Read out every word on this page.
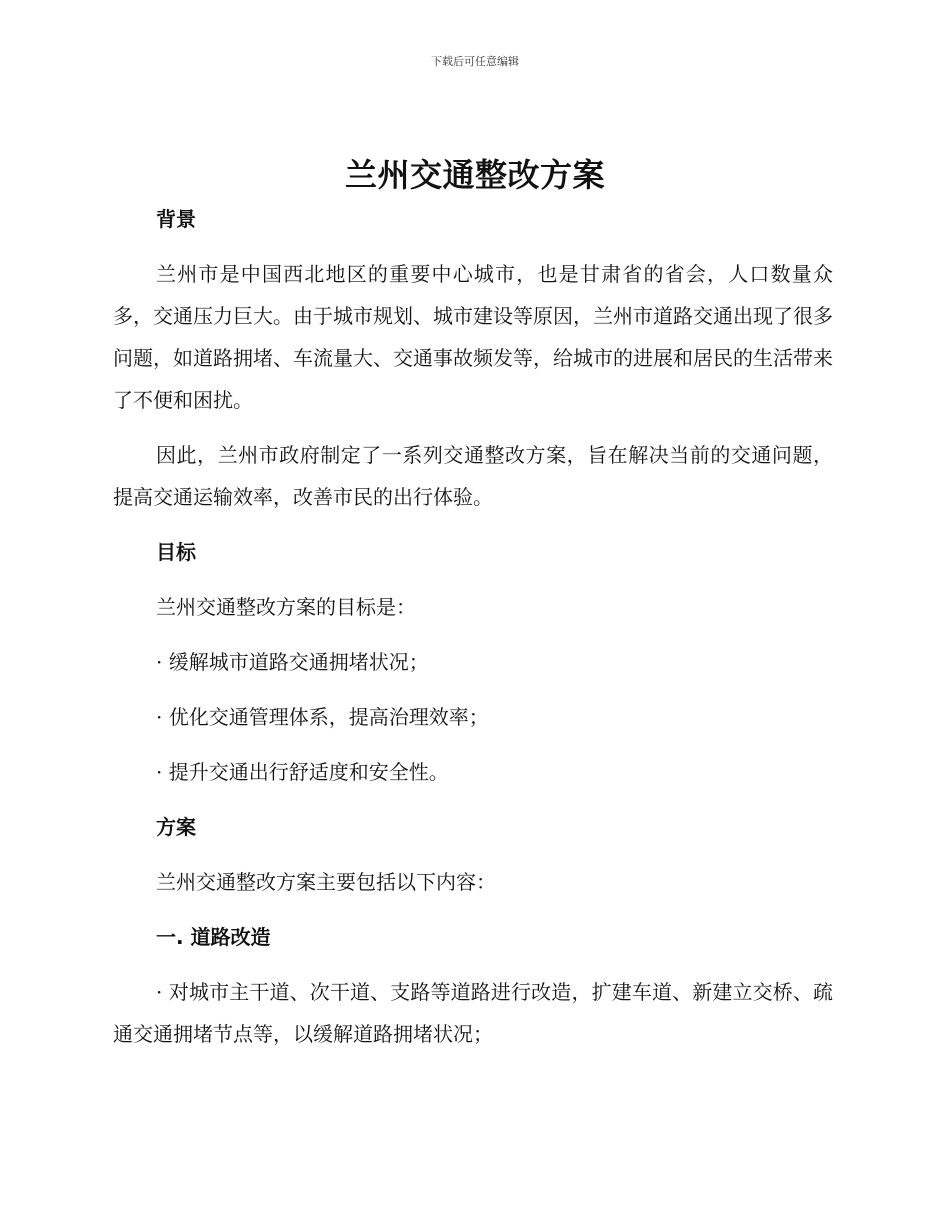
下载后可任意编辑
兰州交通整改方案
背景

兰州市是中国西北地区的重要中心城市，也是甘肃省的省会，人口数量众多，交通压力巨大。由于城市规划、城市建设等原因，兰州市道路交通出现了很多问题，如道路拥堵、车流量大、交通事故频发等，给城市的进展和居民的生活带来了不便和困扰。

因此，兰州市政府制定了一系列交通整改方案，旨在解决当前的交通问题，提高交通运输效率，改善市民的出行体验。

目标

兰州交通整改方案的目标是：

· 缓解城市道路交通拥堵状况；
· 优化交通管理体系，提高治理效率；
· 提升交通出行舒适度和安全性。
方案

兰州交通整改方案主要包括以下内容：

一. 道路改造

· 对城市主干道、次干道、支路等道路进行改造，扩建车道、新建立交桥、疏通交通拥堵节点等，以缓解道路拥堵状况；
